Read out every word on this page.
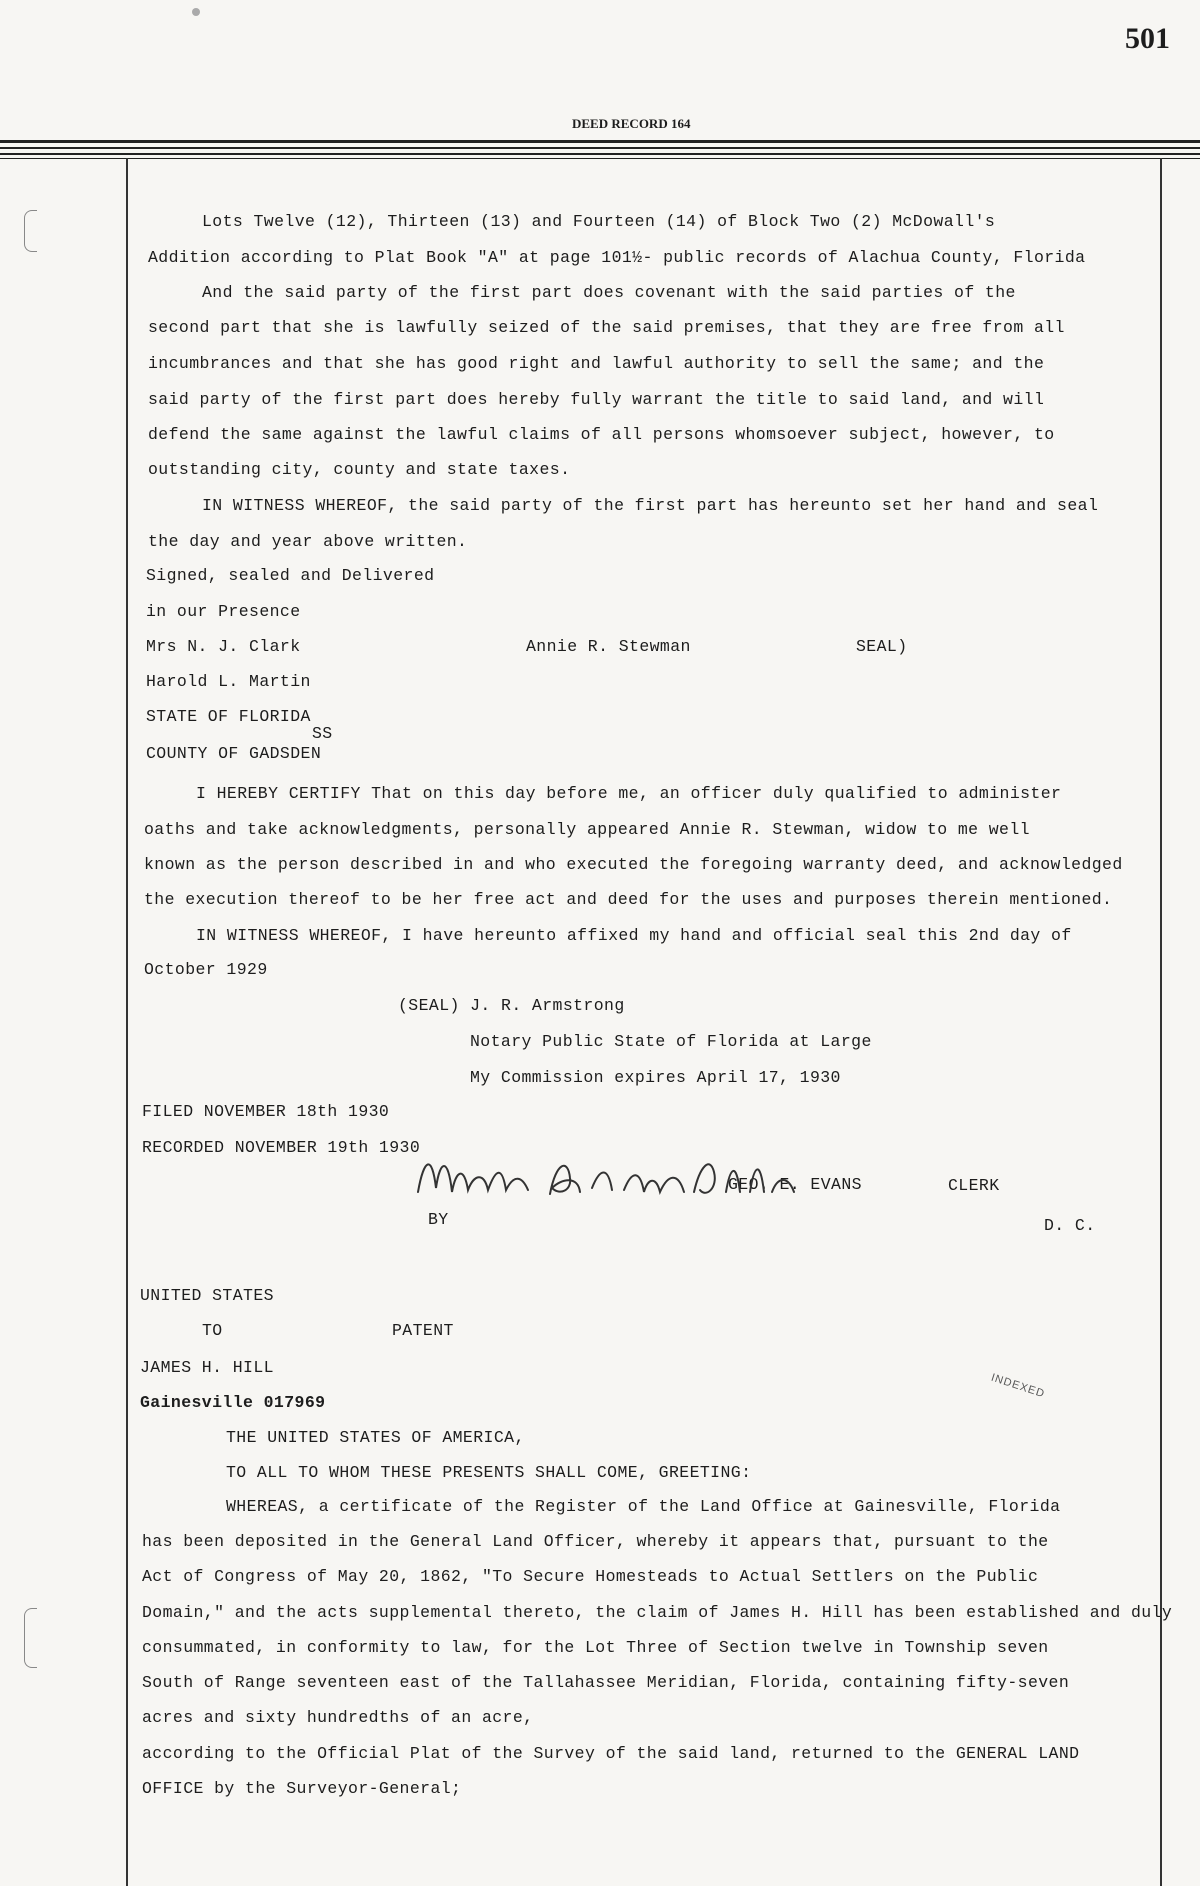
501
DEED RECORD 164
Lots Twelve (12), Thirteen (13) and Fourteen (14) of Block Two (2) McDowall's
Addition according to Plat Book "A" at page 101½- public records of Alachua County, Florida
And the said party of the first part does covenant with the said parties of the
second part that she is lawfully seized of the said premises, that they are free from all
incumbrances and that she has good right and lawful authority to sell the same; and the
said party of the first part does hereby fully warrant the title to said land, and will
defend the same against the lawful claims of all persons whomsoever subject, however, to
outstanding city, county and state taxes.
IN WITNESS WHEREOF, the said party of the first part has hereunto set her hand and seal
the day and year above written.
Signed, sealed and Delivered
in our Presence
Mrs N. J. Clark	Annie R. Stewman	SEAL)
Harold L. Martin
STATE OF FLORIDA
SS
COUNTY OF GADSDEN
I HEREBY CERTIFY That on this day before me, an officer duly qualified to administer
oaths and take acknowledgments, personally appeared Annie R. Stewman, widow to me well
known as the person described in and who executed the foregoing warranty deed, and acknowledged
the execution thereof to be her free act and deed for the uses and purposes therein mentioned.
IN WITNESS WHEREOF, I have hereunto affixed my hand and official seal this 2nd day of
October 1929
(SEAL) J. R. Armstrong
Notary Public State of Florida at Large
My Commission expires April 17, 1930
FILED NOVEMBER 18th 1930
RECORDED NOVEMBER 19th 1930
GEO. E. EVANS	CLERK
BY	D. C.
UNITED STATES
TO	PATENT
JAMES H. HILL
Gainesville 017969
INDEXED
THE UNITED STATES OF AMERICA,
TO ALL TO WHOM THESE PRESENTS SHALL COME, GREETING:
WHEREAS, a certificate of the Register of the Land Office at Gainesville, Florida
has been deposited in the General Land Officer, whereby it appears that, pursuant to the
Act of Congress of May 20, 1862, "To Secure Homesteads to Actual Settlers on the Public
Domain," and the acts supplemental thereto, the claim of James H. Hill has been established and duly
consummated, in conformity to law, for the Lot Three of Section twelve in Township seven
South of Range seventeen east of the Tallahassee Meridian, Florida, containing fifty-seven
acres and sixty hundredths of an acre,
according to the Official Plat of the Survey of the said land, returned to the GENERAL LAND
OFFICE by the Surveyor-General;
